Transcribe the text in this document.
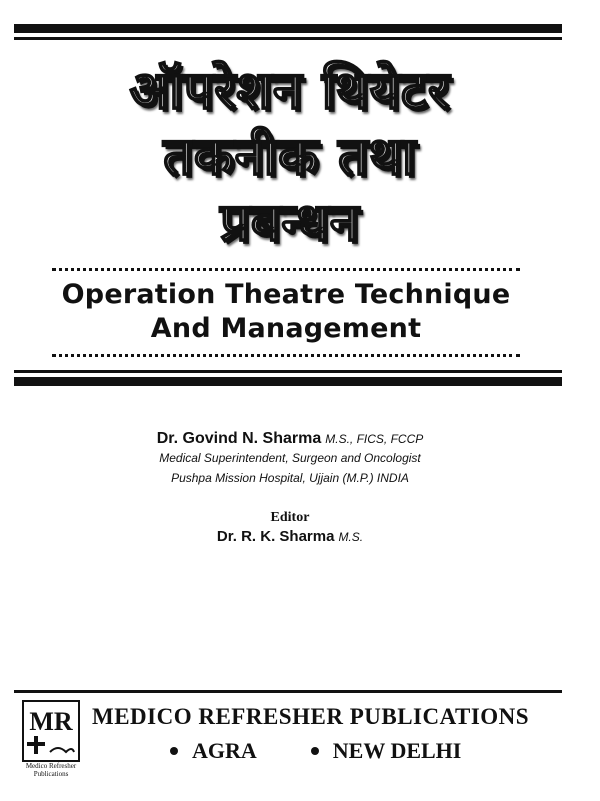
ऑपरेशन थियेटर
तकनीक तथा
प्रबन्धन
Operation Theatre Technique
And Management
Dr. Govind N. Sharma M.S., FICS, FCCP
Medical Superintendent, Surgeon and Oncologist
Pushpa Mission Hospital, Ujjain (M.P.) INDIA
Editor
Dr. R. K. Sharma M.S.
MR
Medico Refresher
Publications
MEDICO REFRESHER PUBLICATIONS
AGRA	NEW DELHI
